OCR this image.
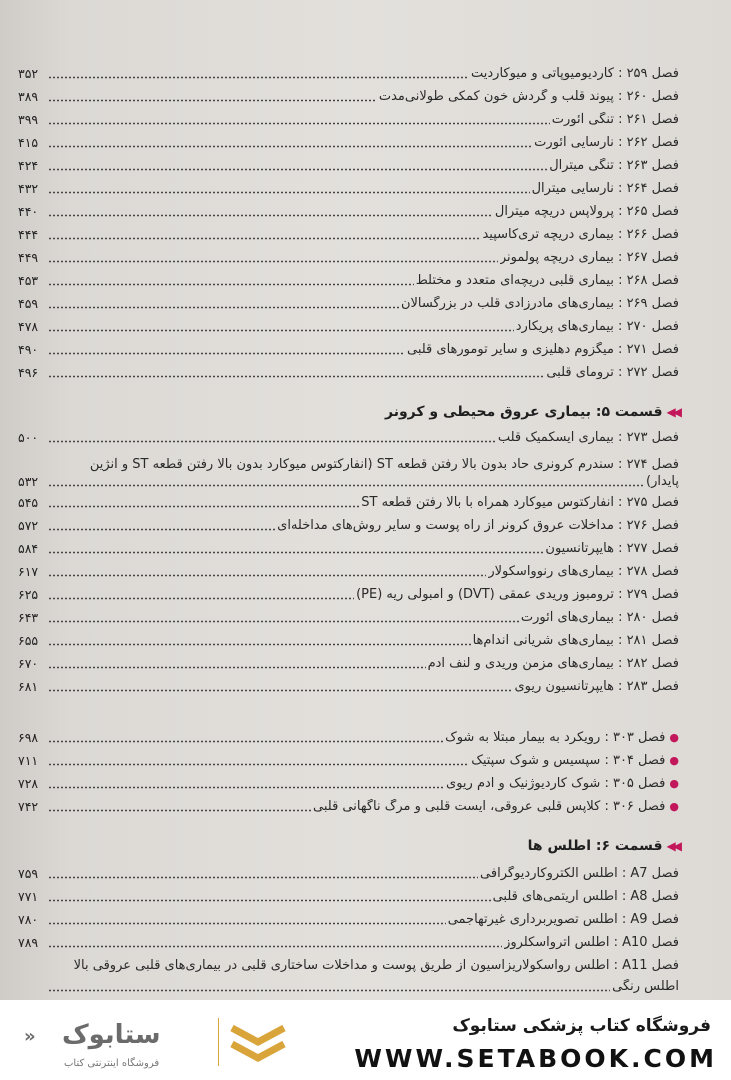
فصل ۲۵۹ : کاردیومیوپاتی و میوکاردیت
۳۵۲
فصل ۲۶۰ : پیوند قلب و گردش خون کمکی طولانی‌مدت
۳۸۹
فصل ۲۶۱ : تنگی آئورت
۳۹۹
فصل ۲۶۲ : نارسایی آئورت
۴۱۵
فصل ۲۶۳ : تنگی میترال
۴۲۴
فصل ۲۶۴ : نارسایی میترال
۴۳۲
فصل ۲۶۵ : پرولاپس دریچه میترال
۴۴۰
فصل ۲۶۶ : بیماری دریچه تری‌کاسپید
۴۴۴
فصل ۲۶۷ : بیماری دریچه پولمونر
۴۴۹
فصل ۲۶۸ : بیماری قلبی دریچه‌ای متعدد و مختلط
۴۵۳
فصل ۲۶۹ : بیماری‌های مادرزادی قلب در بزرگسالان
۴۵۹
فصل ۲۷۰ : بیماری‌های پریکارد
۴۷۸
فصل ۲۷۱ : میگزوم دهلیزی و سایر تومورهای قلبی
۴۹۰
فصل ۲۷۲ : ترومای قلبی
۴۹۶
◀◀
قسمت ۵: بیماری عروق محیطی و کرونر
فصل ۲۷۳ : بیماری ایسکمیک قلب
۵۰۰
فصل ۲۷۴ : سندرم کرونری حاد بدون بالا رفتن قطعه ST (انفارکتوس میوکارد بدون بالا رفتن قطعه ST و آنژین
پایدار)
۵۳۲
فصل ۲۷۵ : انفارکتوس میوکارد همراه با بالا رفتن قطعه ST
۵۴۵
فصل ۲۷۶ : مداخلات عروق کرونر از راه پوست و سایر روش‌های مداخله‌ای
۵۷۲
فصل ۲۷۷ : هایپرتانسیون
۵۸۴
فصل ۲۷۸ : بیماری‌های رنوواسکولار
۶۱۷
فصل ۲۷۹ : ترومبوز وریدی عمقی (DVT) و آمبولی ریه (PE)
۶۲۵
فصل ۲۸۰ : بیماری‌های آئورت
۶۴۳
فصل ۲۸۱ : بیماری‌های شریانی اندام‌ها
۶۵۵
فصل ۲۸۲ : بیماری‌های مزمن وریدی و لنف ادم
۶۷۰
فصل ۲۸۳ : هایپرتانسیون ریوی
۶۸۱
●
فصل ۳۰۳ : رویکرد به بیمار مبتلا به شوک
۶۹۸
●
فصل ۳۰۴ : سپسیس و شوک سپتیک
۷۱۱
●
فصل ۳۰۵ : شوک کاردیوژنیک و ادم ریوی
۷۲۸
●
فصل ۳۰۶ : کلاپس قلبی عروقی، ایست قلبی و مرگ ناگهانی قلبی
۷۴۲
◀◀
قسمت ۶: اطلس ها
فصل A7 : اطلس الکتروکاردیوگرافی
۷۵۹
فصل A8 : اطلس آریتمی‌های قلبی
۷۷۱
فصل A9 : اطلس تصویربرداری غیرتهاجمی
۷۸۰
فصل A10 : اطلس آترواسکلروز
۷۸۹
فصل A11 : اطلس رواسکولاریزاسیون از طریق پوست و مداخلات ساختاری قلبی در بیماری‌های قلبی عروقی بالا
اطلس رنگی
فروشگاه کتاب پزشکی ستابوک
WWW.SETABOOK.COM
« ستابوک
فروشگاه اینترنتی کتاب
